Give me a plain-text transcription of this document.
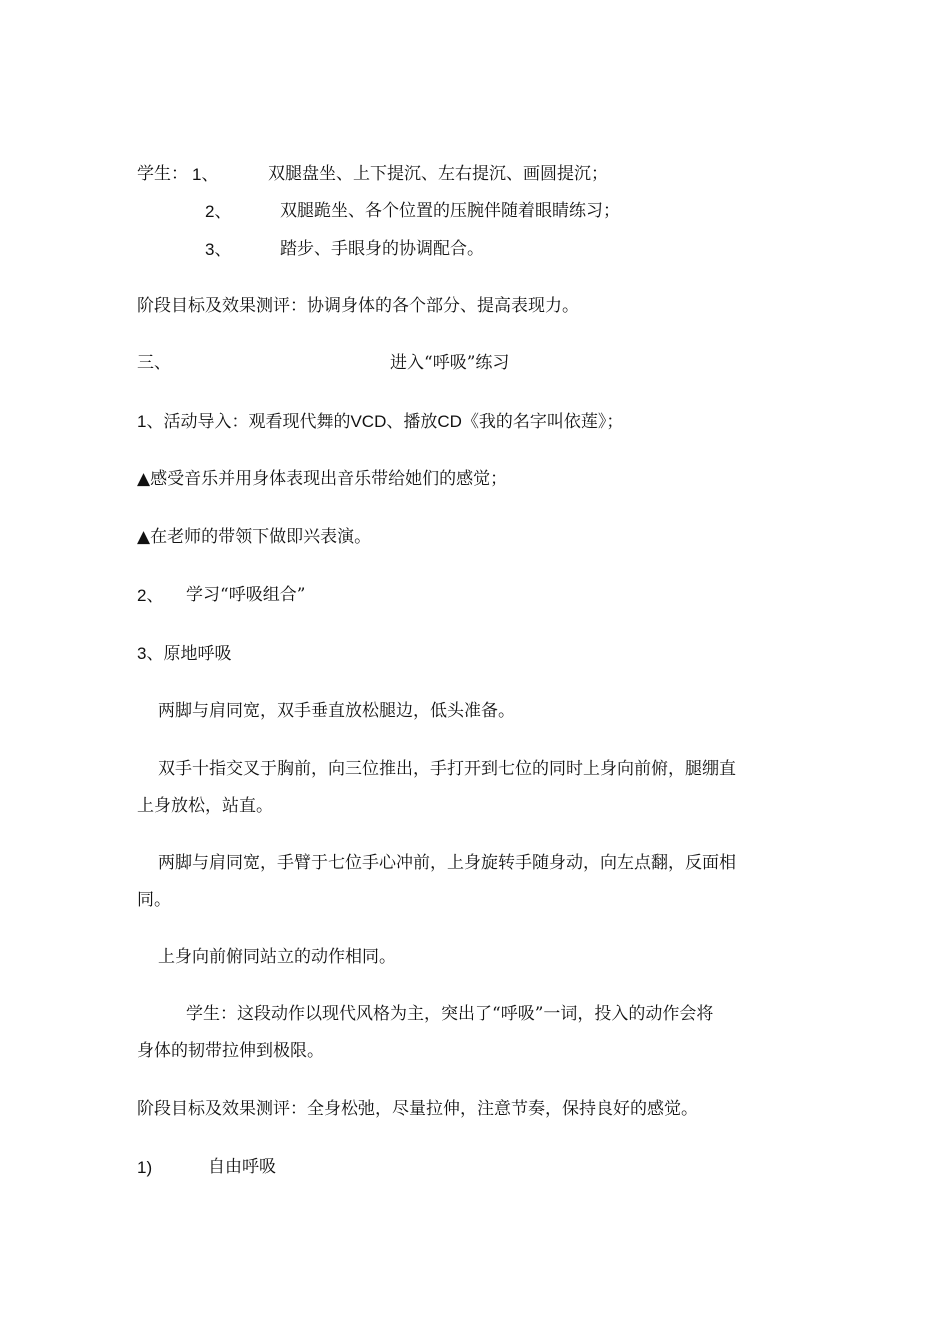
学生： 1、	双腿盘坐、上下提沉、左右提沉、画圆提沉；
2、	双腿跪坐、各个位置的压腕伴随着眼睛练习；
3、	踏步、手眼身的协调配合。
阶段目标及效果测评：协调身体的各个部分、提高表现力。
三、	进入“呼吸”练习
1、活动导入：观看现代舞的VCD、播放CD《我的名字叫依莲》；
▲感受音乐并用身体表现出音乐带给她们的感觉；
▲在老师的带领下做即兴表演。
2、 学习“呼吸组合”
3、原地呼吸
两脚与肩同宽，双手垂直放松腿边，低头准备。
双手十指交叉于胸前，向三位推出，手打开到七位的同时上身向前俯，腿绷直
上身放松，站直。
两脚与肩同宽，手臂于七位手心冲前，上身旋转手随身动，向左点翻，反面相
同。
上身向前俯同站立的动作相同。
学生：这段动作以现代风格为主，突出了“呼吸”一词，投入的动作会将
身体的韧带拉伸到极限。
阶段目标及效果测评：全身松弛，尽量拉伸，注意节奏，保持良好的感觉。
1)	自由呼吸
